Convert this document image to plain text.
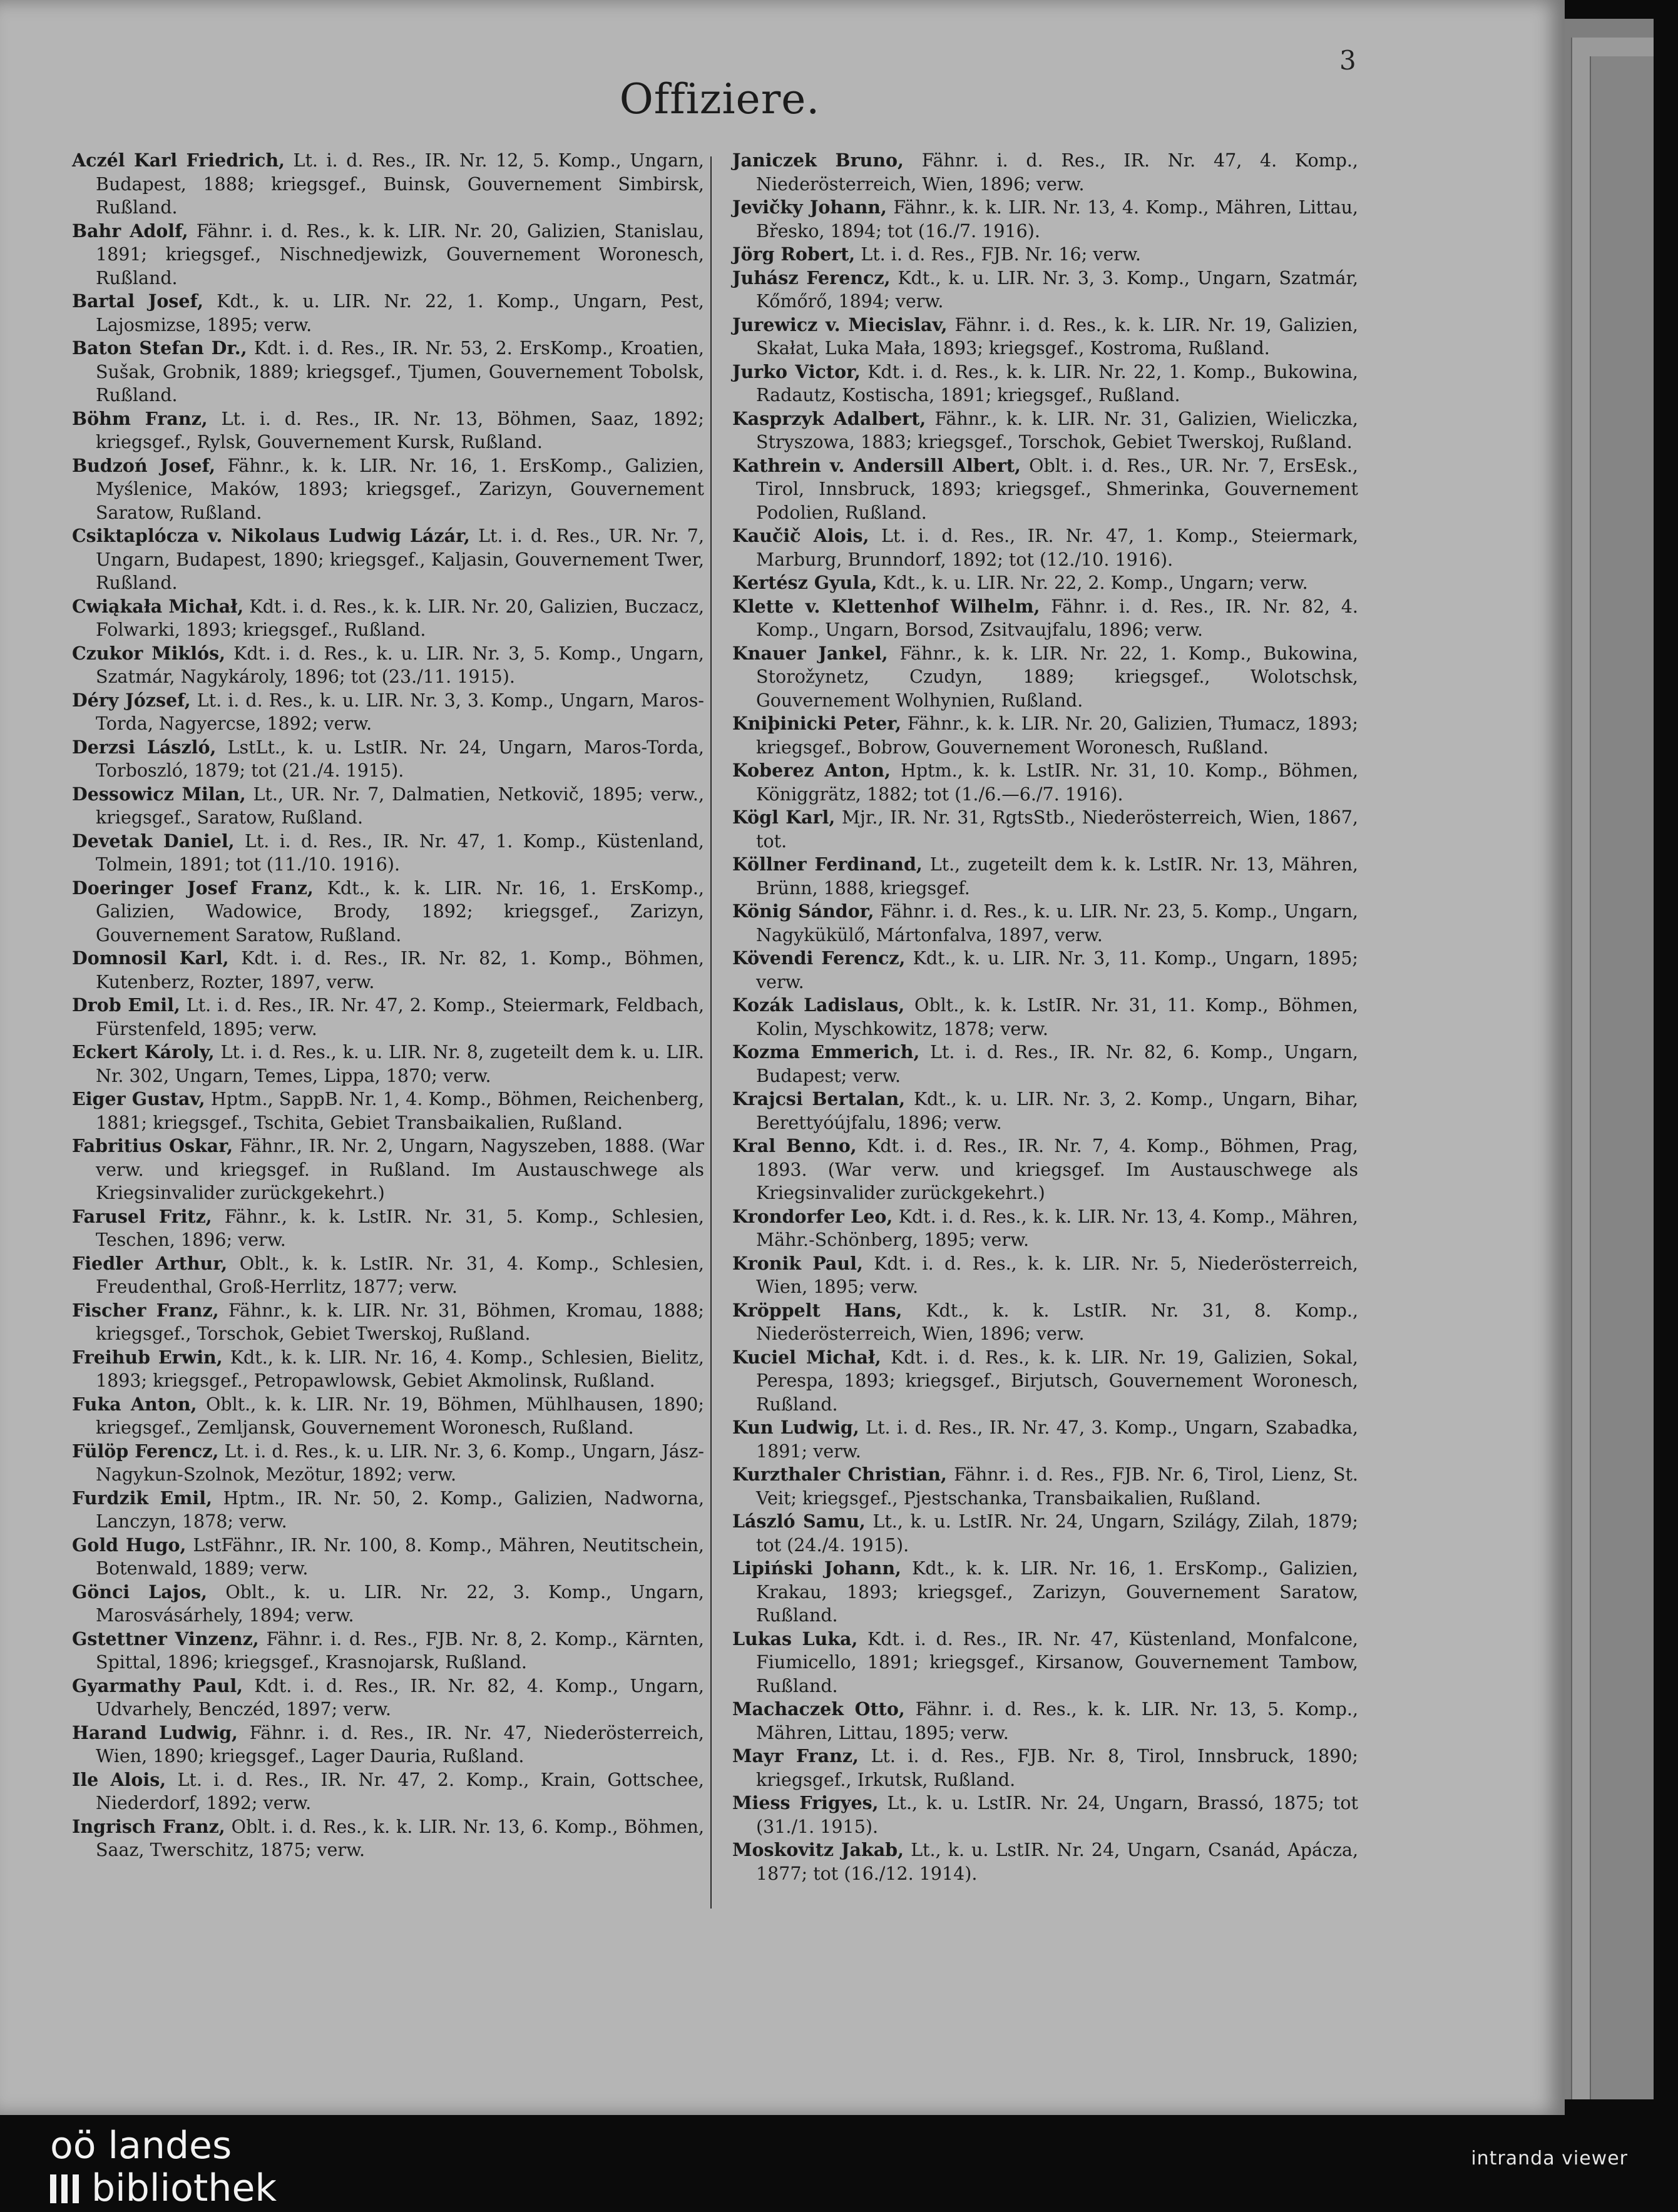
3
Offiziere.

Aczél Karl Friedrich, Lt. i. d. Res., IR. Nr. 12, 5. Komp., Ungarn, Budapest, 1888; kriegsgef., Buinsk, Gouvernement Simbirsk, Rußland.

Bahr Adolf, Fähnr. i. d. Res., k. k. LIR. Nr. 20, Galizien, Stanislau, 1891; kriegsgef., Nischnedjewizk, Gouvernement Woronesch, Rußland.

Bartal Josef, Kdt., k. u. LIR. Nr. 22, 1. Komp., Ungarn, Pest, Lajosmizse, 1895; verw.

Baton Stefan Dr., Kdt. i. d. Res., IR. Nr. 53, 2. ErsKomp., Kroatien, Sušak, Grobnik, 1889; kriegsgef., Tjumen, Gouvernement Tobolsk, Rußland.

Böhm Franz, Lt. i. d. Res., IR. Nr. 13, Böhmen, Saaz, 1892; kriegsgef., Rylsk, Gouvernement Kursk, Rußland.

Budzoń Josef, Fähnr., k. k. LIR. Nr. 16, 1. ErsKomp., Galizien, Myślenice, Maków, 1893; kriegsgef., Zarizyn, Gouvernement Saratow, Rußland.

Csiktaplócza v. Nikolaus Ludwig Lázár, Lt. i. d. Res., UR. Nr. 7, Ungarn, Budapest, 1890; kriegsgef., Kaljasin, Gouvernement Twer, Rußland.

Cwiąkała Michał, Kdt. i. d. Res., k. k. LIR. Nr. 20, Galizien, Buczacz, Folwarki, 1893; kriegsgef., Rußland.

Czukor Miklós, Kdt. i. d. Res., k. u. LIR. Nr. 3, 5. Komp., Ungarn, Szatmár, Nagykároly, 1896; tot (23./11. 1915).

Déry József, Lt. i. d. Res., k. u. LIR. Nr. 3, 3. Komp., Ungarn, Maros-Torda, Nagyercse, 1892; verw.

Derzsi László, LstLt., k. u. LstIR. Nr. 24, Ungarn, Maros-Torda, Torboszló, 1879; tot (21./4. 1915).

Dessowicz Milan, Lt., UR. Nr. 7, Dalmatien, Netkovič, 1895; verw., kriegsgef., Saratow, Rußland.

Devetak Daniel, Lt. i. d. Res., IR. Nr. 47, 1. Komp., Küstenland, Tolmein, 1891; tot (11./10. 1916).

Doeringer Josef Franz, Kdt., k. k. LIR. Nr. 16, 1. ErsKomp., Galizien, Wadowice, Brody, 1892; kriegsgef., Zarizyn, Gouvernement Saratow, Rußland.

Domnosil Karl, Kdt. i. d. Res., IR. Nr. 82, 1. Komp., Böhmen, Kutenberz, Rozter, 1897, verw.

Drob Emil, Lt. i. d. Res., IR. Nr. 47, 2. Komp., Steiermark, Feldbach, Fürstenfeld, 1895; verw.

Eckert Károly, Lt. i. d. Res., k. u. LIR. Nr. 8, zugeteilt dem k. u. LIR. Nr. 302, Ungarn, Temes, Lippa, 1870; verw.

Eiger Gustav, Hptm., SappB. Nr. 1, 4. Komp., Böhmen, Reichenberg, 1881; kriegsgef., Tschita, Gebiet Transbaikalien, Rußland.

Fabritius Oskar, Fähnr., IR. Nr. 2, Ungarn, Nagyszeben, 1888. (War verw. und kriegsgef. in Rußland. Im Austauschwege als Kriegsinvalider zurückgekehrt.)

Farusel Fritz, Fähnr., k. k. LstIR. Nr. 31, 5. Komp., Schlesien, Teschen, 1896; verw.

Fiedler Arthur, Oblt., k. k. LstIR. Nr. 31, 4. Komp., Schlesien, Freudenthal, Groß-Herrlitz, 1877; verw.

Fischer Franz, Fähnr., k. k. LIR. Nr. 31, Böhmen, Kromau, 1888; kriegsgef., Torschok, Gebiet Twerskoj, Rußland.

Freihub Erwin, Kdt., k. k. LIR. Nr. 16, 4. Komp., Schlesien, Bielitz, 1893; kriegsgef., Petropawlowsk, Gebiet Akmolinsk, Rußland.

Fuka Anton, Oblt., k. k. LIR. Nr. 19, Böhmen, Mühlhausen, 1890; kriegsgef., Zemljansk, Gouvernement Woronesch, Rußland.

Fülöp Ferencz, Lt. i. d. Res., k. u. LIR. Nr. 3, 6. Komp., Ungarn, Jász-Nagykun-Szolnok, Mezötur, 1892; verw.

Furdzik Emil, Hptm., IR. Nr. 50, 2. Komp., Galizien, Nadworna, Lanczyn, 1878; verw.

Gold Hugo, LstFähnr., IR. Nr. 100, 8. Komp., Mähren, Neutitschein, Botenwald, 1889; verw.

Gönci Lajos, Oblt., k. u. LIR. Nr. 22, 3. Komp., Ungarn, Marosvásárhely, 1894; verw.

Gstettner Vinzenz, Fähnr. i. d. Res., FJB. Nr. 8, 2. Komp., Kärnten, Spittal, 1896; kriegsgef., Krasnojarsk, Rußland.

Gyarmathy Paul, Kdt. i. d. Res., IR. Nr. 82, 4. Komp., Ungarn, Udvarhely, Benczéd, 1897; verw.

Harand Ludwig, Fähnr. i. d. Res., IR. Nr. 47, Niederösterreich, Wien, 1890; kriegsgef., Lager Dauria, Rußland.

Ile Alois, Lt. i. d. Res., IR. Nr. 47, 2. Komp., Krain, Gottschee, Niederdorf, 1892; verw.

Ingrisch Franz, Oblt. i. d. Res., k. k. LIR. Nr. 13, 6. Komp., Böhmen, Saaz, Twerschitz, 1875; verw.

Janiczek Bruno, Fähnr. i. d. Res., IR. Nr. 47, 4. Komp., Niederösterreich, Wien, 1896; verw.

Jevičky Johann, Fähnr., k. k. LIR. Nr. 13, 4. Komp., Mähren, Littau, Břesko, 1894; tot (16./7. 1916).

Jörg Robert, Lt. i. d. Res., FJB. Nr. 16; verw.

Juhász Ferencz, Kdt., k. u. LIR. Nr. 3, 3. Komp., Ungarn, Szatmár, Kőmőrő, 1894; verw.

Jurewicz v. Miecislav, Fähnr. i. d. Res., k. k. LIR. Nr. 19, Galizien, Skałat, Luka Mała, 1893; kriegsgef., Kostroma, Rußland.

Jurko Victor, Kdt. i. d. Res., k. k. LIR. Nr. 22, 1. Komp., Bukowina, Radautz, Kostischa, 1891; kriegsgef., Rußland.

Kasprzyk Adalbert, Fähnr., k. k. LIR. Nr. 31, Galizien, Wieliczka, Stryszowa, 1883; kriegsgef., Torschok, Gebiet Twerskoj, Rußland.

Kathrein v. Andersill Albert, Oblt. i. d. Res., UR. Nr. 7, ErsEsk., Tirol, Innsbruck, 1893; kriegsgef., Shmerinka, Gouvernement Podolien, Rußland.

Kaučič Alois, Lt. i. d. Res., IR. Nr. 47, 1. Komp., Steiermark, Marburg, Brunndorf, 1892; tot (12./10. 1916).

Kertész Gyula, Kdt., k. u. LIR. Nr. 22, 2. Komp., Ungarn; verw.

Klette v. Klettenhof Wilhelm, Fähnr. i. d. Res., IR. Nr. 82, 4. Komp., Ungarn, Borsod, Zsitvaujfalu, 1896; verw.

Knauer Jankel, Fähnr., k. k. LIR. Nr. 22, 1. Komp., Bukowina, Storožynetz, Czudyn, 1889; kriegsgef., Wolotschsk, Gouvernement Wolhynien, Rußland.

Kniþinicki Peter, Fähnr., k. k. LIR. Nr. 20, Galizien, Tłumacz, 1893; kriegsgef., Bobrow, Gouvernement Woronesch, Rußland.

Koberez Anton, Hptm., k. k. LstIR. Nr. 31, 10. Komp., Böhmen, Königgrätz, 1882; tot (1./6.—6./7. 1916).

Kögl Karl, Mjr., IR. Nr. 31, RgtsStb., Niederösterreich, Wien, 1867, tot.

Köllner Ferdinand, Lt., zugeteilt dem k. k. LstIR. Nr. 13, Mähren, Brünn, 1888, kriegsgef.

König Sándor, Fähnr. i. d. Res., k. u. LIR. Nr. 23, 5. Komp., Ungarn, Nagykükülő, Mártonfalva, 1897, verw.

Kövendi Ferencz, Kdt., k. u. LIR. Nr. 3, 11. Komp., Ungarn, 1895; verw.

Kozák Ladislaus, Oblt., k. k. LstIR. Nr. 31, 11. Komp., Böhmen, Kolin, Myschkowitz, 1878; verw.

Kozma Emmerich, Lt. i. d. Res., IR. Nr. 82, 6. Komp., Ungarn, Budapest; verw.

Krajcsi Bertalan, Kdt., k. u. LIR. Nr. 3, 2. Komp., Ungarn, Bihar, Berettyóújfalu, 1896; verw.

Kral Benno, Kdt. i. d. Res., IR. Nr. 7, 4. Komp., Böhmen, Prag, 1893. (War verw. und kriegsgef. Im Austauschwege als Kriegsinvalider zurückgekehrt.)

Krondorfer Leo, Kdt. i. d. Res., k. k. LIR. Nr. 13, 4. Komp., Mähren, Mähr.-Schönberg, 1895; verw.

Kronik Paul, Kdt. i. d. Res., k. k. LIR. Nr. 5, Niederösterreich, Wien, 1895; verw.

Kröppelt Hans, Kdt., k. k. LstIR. Nr. 31, 8. Komp., Niederösterreich, Wien, 1896; verw.

Kuciel Michał, Kdt. i. d. Res., k. k. LIR. Nr. 19, Galizien, Sokal, Perespa, 1893; kriegsgef., Birjutsch, Gouvernement Woronesch, Rußland.

Kun Ludwig, Lt. i. d. Res., IR. Nr. 47, 3. Komp., Ungarn, Szabadka, 1891; verw.

Kurzthaler Christian, Fähnr. i. d. Res., FJB. Nr. 6, Tirol, Lienz, St. Veit; kriegsgef., Pjestschanka, Transbaikalien, Rußland.

László Samu, Lt., k. u. LstIR. Nr. 24, Ungarn, Szilágy, Zilah, 1879; tot (24./4. 1915).

Lipiński Johann, Kdt., k. k. LIR. Nr. 16, 1. ErsKomp., Galizien, Krakau, 1893; kriegsgef., Zarizyn, Gouvernement Saratow, Rußland.

Lukas Luka, Kdt. i. d. Res., IR. Nr. 47, Küstenland, Monfalcone, Fiumicello, 1891; kriegsgef., Kirsanow, Gouvernement Tambow, Rußland.

Machaczek Otto, Fähnr. i. d. Res., k. k. LIR. Nr. 13, 5. Komp., Mähren, Littau, 1895; verw.

Mayr Franz, Lt. i. d. Res., FJB. Nr. 8, Tirol, Innsbruck, 1890; kriegsgef., Irkutsk, Rußland.

Miess Frigyes, Lt., k. u. LstIR. Nr. 24, Ungarn, Brassó, 1875; tot (31./1. 1915).

Moskovitz Jakab, Lt., k. u. LstIR. Nr. 24, Ungarn, Csanád, Apácza, 1877; tot (16./12. 1914).

oö landes
bibliothek
intranda viewer
